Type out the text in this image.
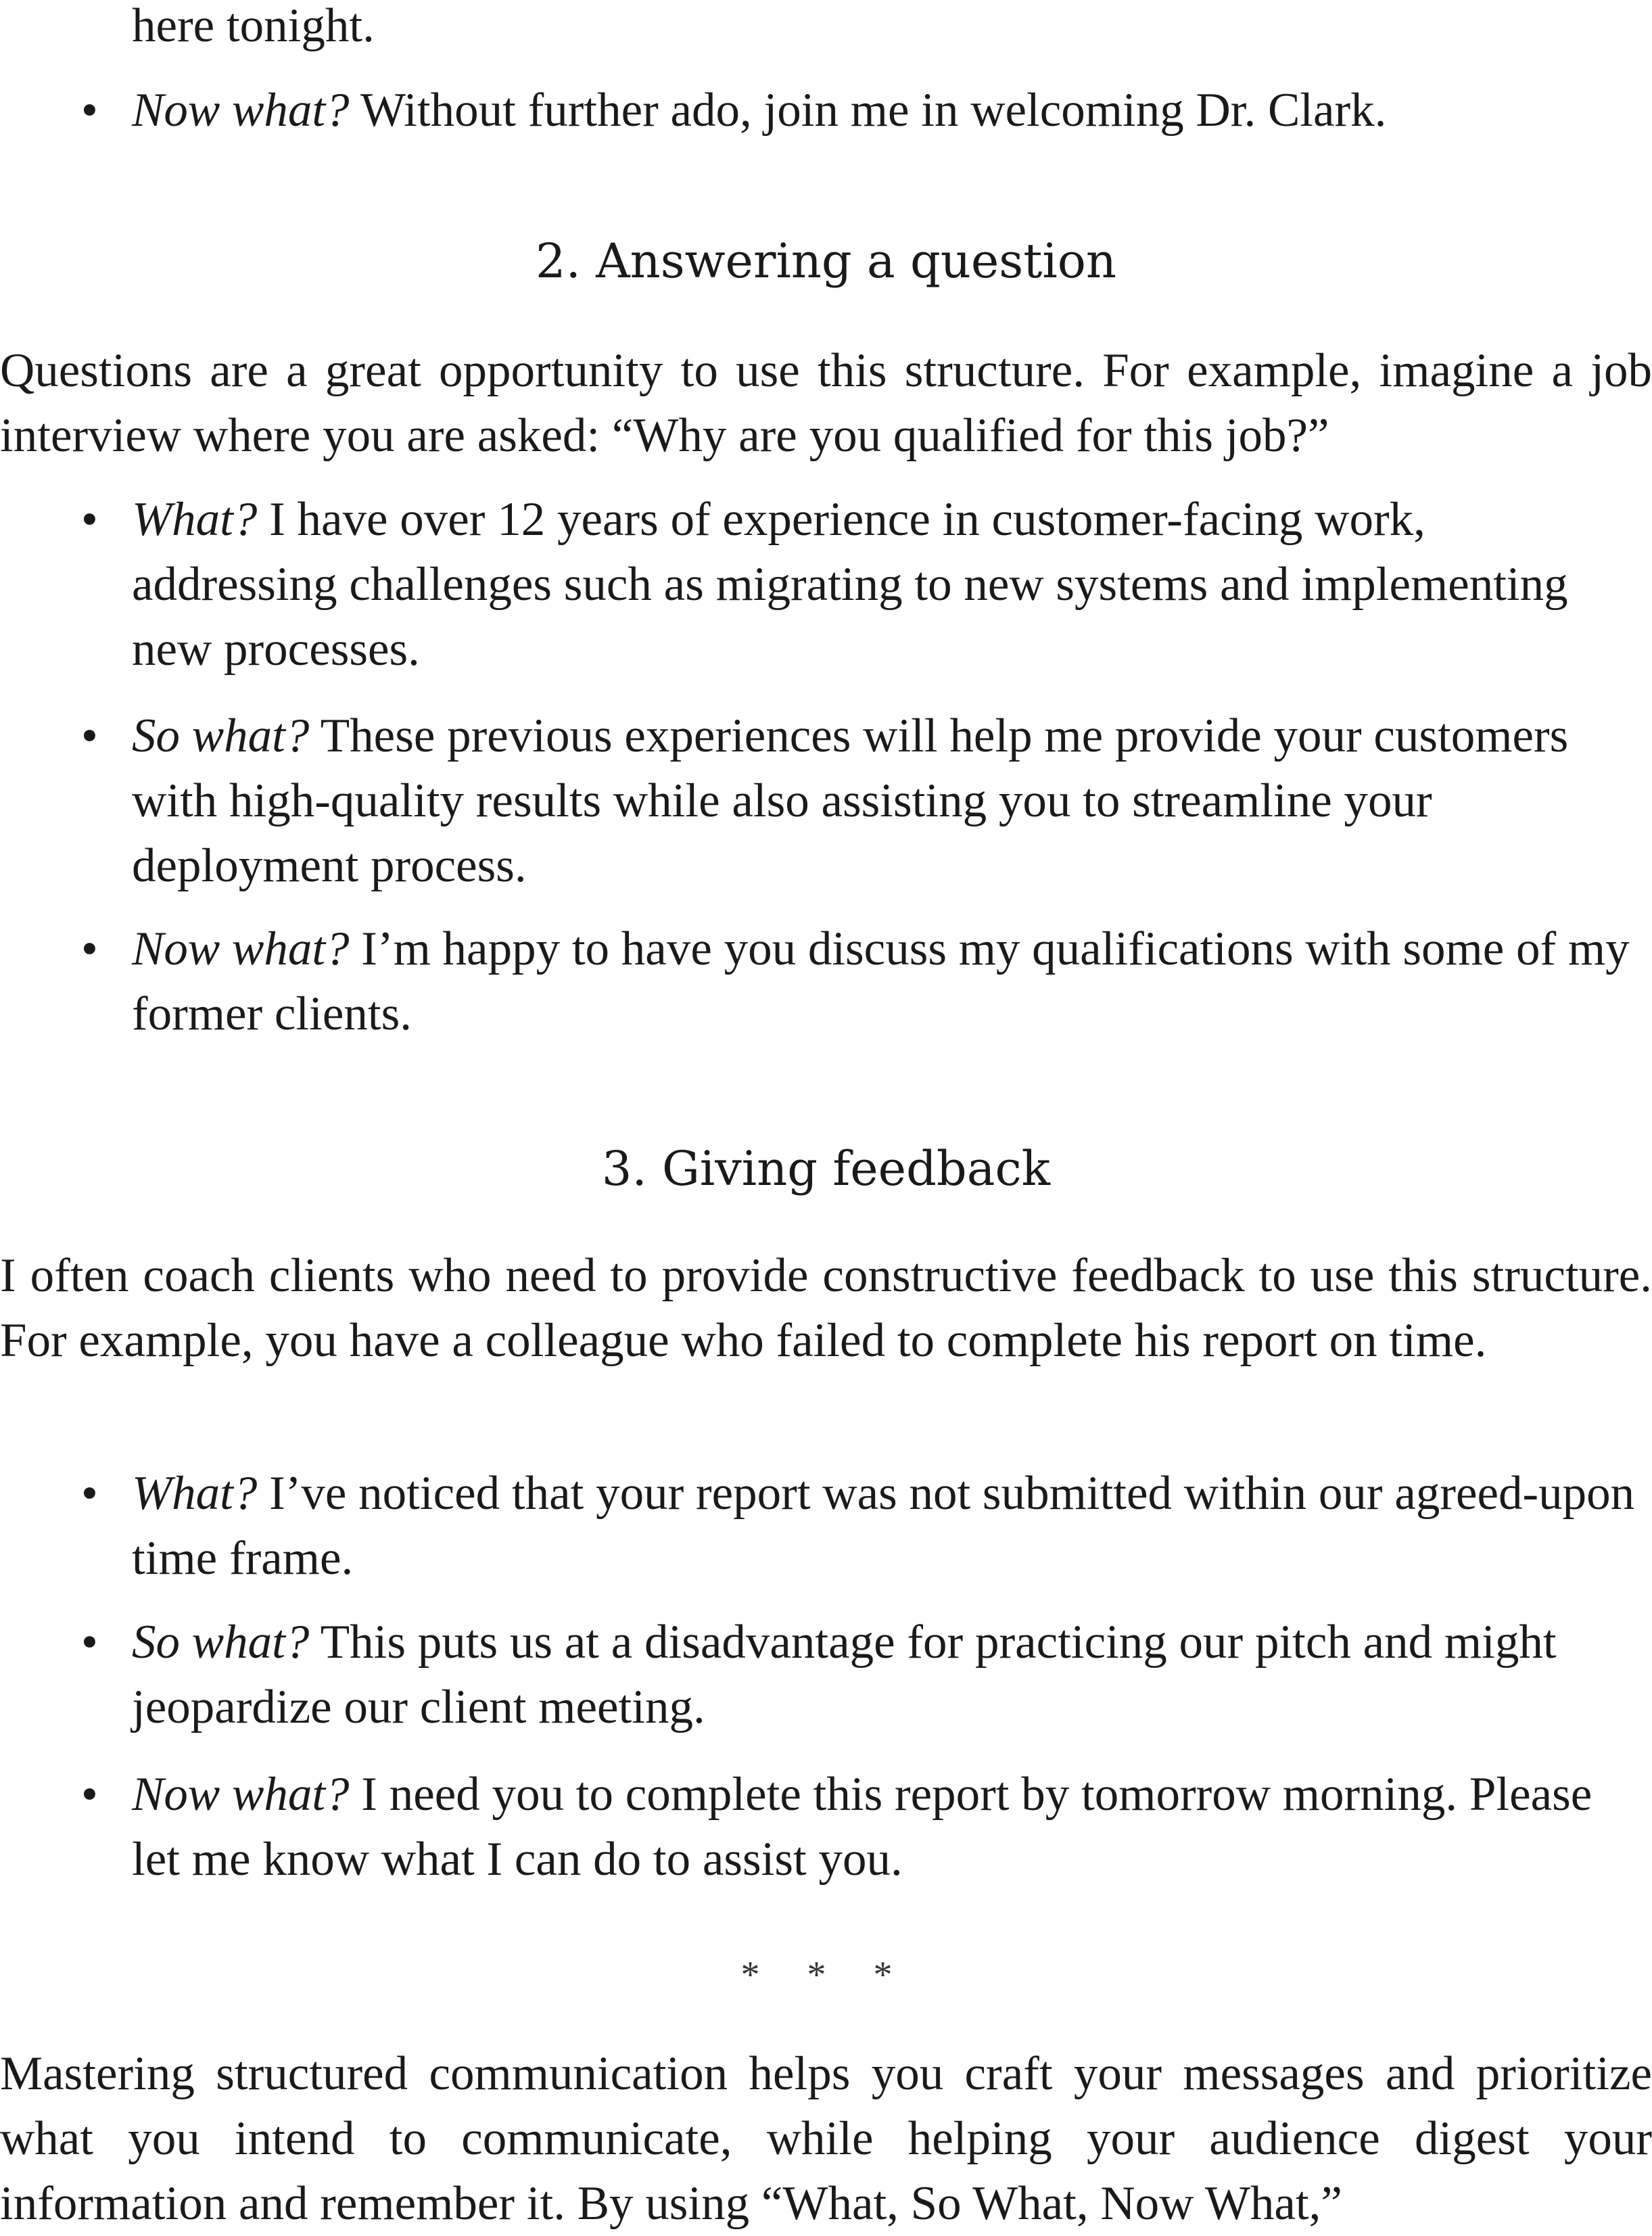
here tonight.

• Now what? Without further ado, join me in welcoming Dr. Clark.

2. Answering a question

Questions are a great opportunity to use this structure. For example, imagine a job interview where you are asked: “Why are you qualified for this job?”

• What? I have over 12 years of experience in customer-facing work, addressing challenges such as migrating to new systems and implementing new processes.

• So what? These previous experiences will help me provide your customers with high-quality results while also assisting you to streamline your deployment process.

• Now what? I’m happy to have you discuss my qualifications with some of my former clients.

3. Giving feedback

I often coach clients who need to provide constructive feedback to use this structure. For example, you have a colleague who failed to complete his report on time.

• What? I’ve noticed that your report was not submitted within our agreed-upon time frame.

• So what? This puts us at a disadvantage for practicing our pitch and might jeopardize our client meeting.

• Now what? I need you to complete this report by tomorrow morning. Please let me know what I can do to assist you.

* * *

Mastering structured communication helps you craft your messages and prioritize what you intend to communicate, while helping your audience digest your information and remember it. By using “What, So What, Now What,”
